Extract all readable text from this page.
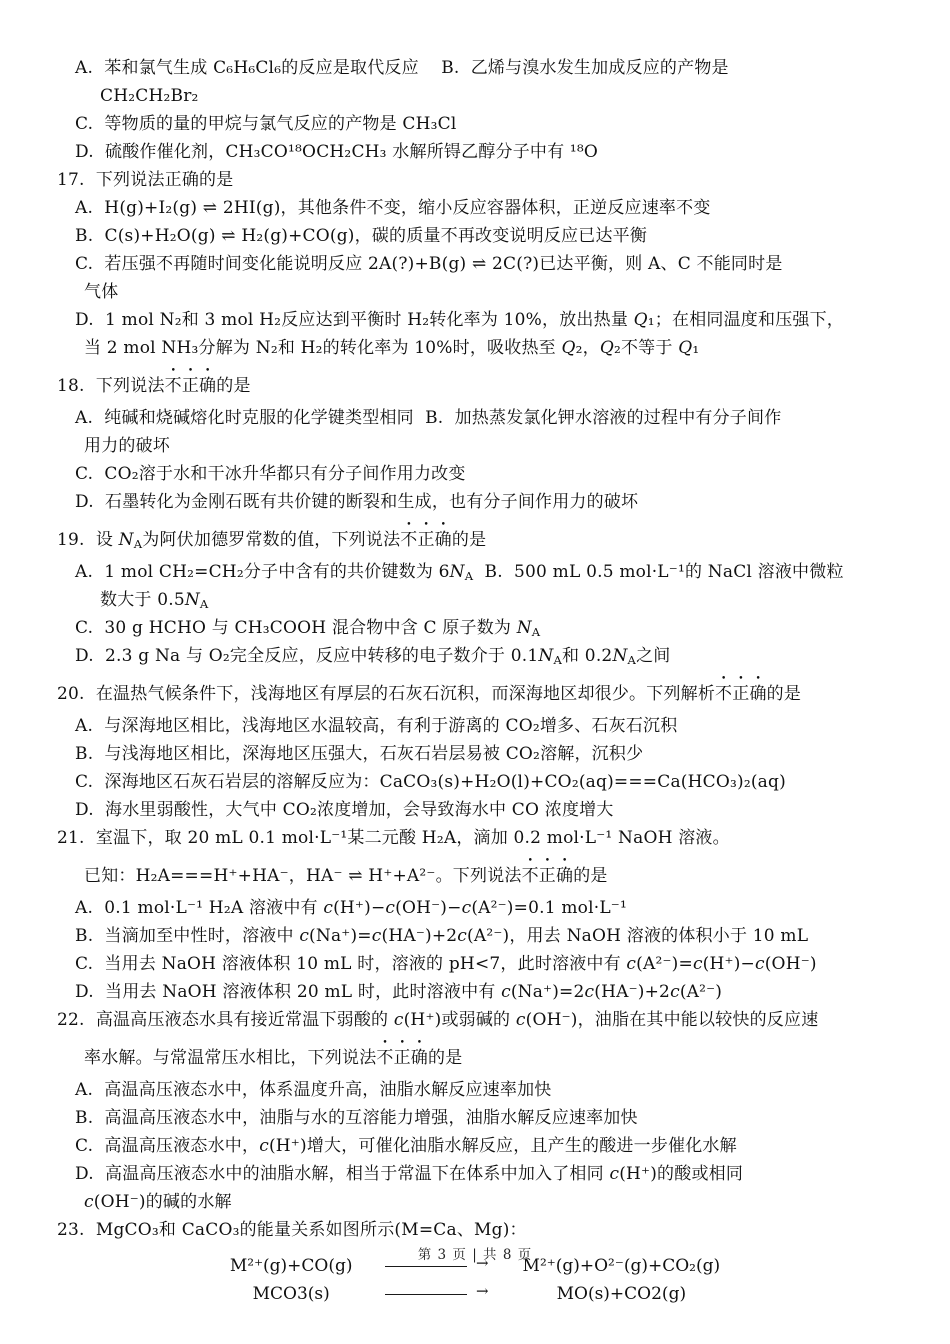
A.  苯和氯气生成 C₆H₆Cl₆的反应是取代反应    B.  乙烯与溴水发生加成反应的产物是
CH₂CH₂Br₂
C.  等物质的量的甲烷与氯气反应的产物是 CH₃Cl
D.  硫酸作催化剂，CH₃CO¹⁸OCH₂CH₃ 水解所锝乙醇分子中有 ¹⁸O
17.  下列说法正确的是
A.  H(g)+I₂(g) ⇌ 2HI(g)，其他条件不变，缩小反应容器体积，正逆反应速率不变
B.  C(s)+H₂O(g) ⇌ H₂(g)+CO(g)，碳的质量不再改变说明反应已达平衡
C.  若压强不再随时间变化能说明反应 2A(?)+B(g) ⇌ 2C(?)已达平衡，则 A、C 不能同时是
气体
D.  1 mol N₂和 3 mol H₂反应达到平衡时 H₂转化率为 10%，放出热量 Q₁；在相同温度和压强下，
当 2 mol NH₃分解为 N₂和 H₂的转化率为 10%时，吸收热至 Q₂，Q₂不等于 Q₁
18.  下列说法不正确的是
A.  纯碱和烧碱熔化时克服的化学键类型相同  B.  加热蒸发氯化钾水溶液的过程中有分子间作
用力的破坏
C.  CO₂溶于水和干冰升华都只有分子间作用力改变
D.  石墨转化为金刚石既有共价键的断裂和生成，也有分子间作用力的破坏
19.  设 $N_A$为阿伏加德罗常数的值，下列说法不正确的是
A.  1 mol CH₂=CH₂分子中含有的共价键数为 $6N_A$  B.  500 mL 0.5 mol·L⁻¹的 NaCl 溶液中微粒
数大于 $0.5N_A$
C.  30 g HCHO 与 CH₃COOH 混合物中含 C 原子数为 $N_A$
D.  2.3 g Na 与 O₂完全反应，反应中转移的电子数介于 $0.1N_A$和 $0.2N_A$之间
20.  在温热气候条件下，浅海地区有厚层的石灰石沉积，而深海地区却很少。下列解析不正确的是
A.  与深海地区相比，浅海地区水温较高，有利于游离的 CO₂增多、石灰石沉积
B.  与浅海地区相比，深海地区压强大，石灰石岩层易被 CO₂溶解，沉积少
C.  深海地区石灰石岩层的溶解反应为：CaCO₃(s)+H₂O(l)+CO₂(aq)===Ca(HCO₃)₂(aq)
D.  海水里弱酸性，大气中 CO₂浓度增加，会导致海水中 CO 浓度增大
21.  室温下，取 20 mL 0.1 mol·L⁻¹某二元酸 H₂A，滴加 0.2 mol·L⁻¹ NaOH 溶液。
已知：H₂A===H⁺+HA⁻，HA⁻ ⇌ H⁺+A²⁻。下列说法不正确的是
A.  0.1 mol·L⁻¹ H₂A 溶液中有 c(H⁺)−c(OH⁻)−c(A²⁻)=0.1 mol·L⁻¹
B.  当滴加至中性时，溶液中 c(Na⁺)=c(HA⁻)+2c(A²⁻)，用去 NaOH 溶液的体积小于 10 mL
C.  当用去 NaOH 溶液体积 10 mL 时，溶液的 pH<7，此时溶液中有 c(A²⁻)=c(H⁺)−c(OH⁻)
D.  当用去 NaOH 溶液体积 20 mL 时，此时溶液中有 c(Na⁺)=2c(HA⁻)+2c(A²⁻)
22.  高温高压液态水具有接近常温下弱酸的 c(H⁺)或弱碱的 c(OH⁻)，油脂在其中能以较快的反应速
率水解。与常温常压水相比，下列说法不正确的是
A.  高温高压液态水中，体系温度升高，油脂水解反应速率加快
B.  高温高压液态水中，油脂与水的互溶能力增强，油脂水解反应速率加快
C.  高温高压液态水中，c(H⁺)增大，可催化油脂水解反应，且产生的酸进一步催化水解
D.  高温高压液态水中的油脂水解，相当于常温下在体系中加入了相同 c(H⁺)的酸或相同
c(OH⁻)的碱的水解
23.  MgCO₃和 CaCO₃的能量关系如图所示(M=Ca、Mg)：
M²⁺(g)+CO(g) →	M²⁺(g)+O²⁻(g)+CO₂(g)
MCO3(s) →	MO(s)+CO2(g)
第 3 页 | 共 8 页
